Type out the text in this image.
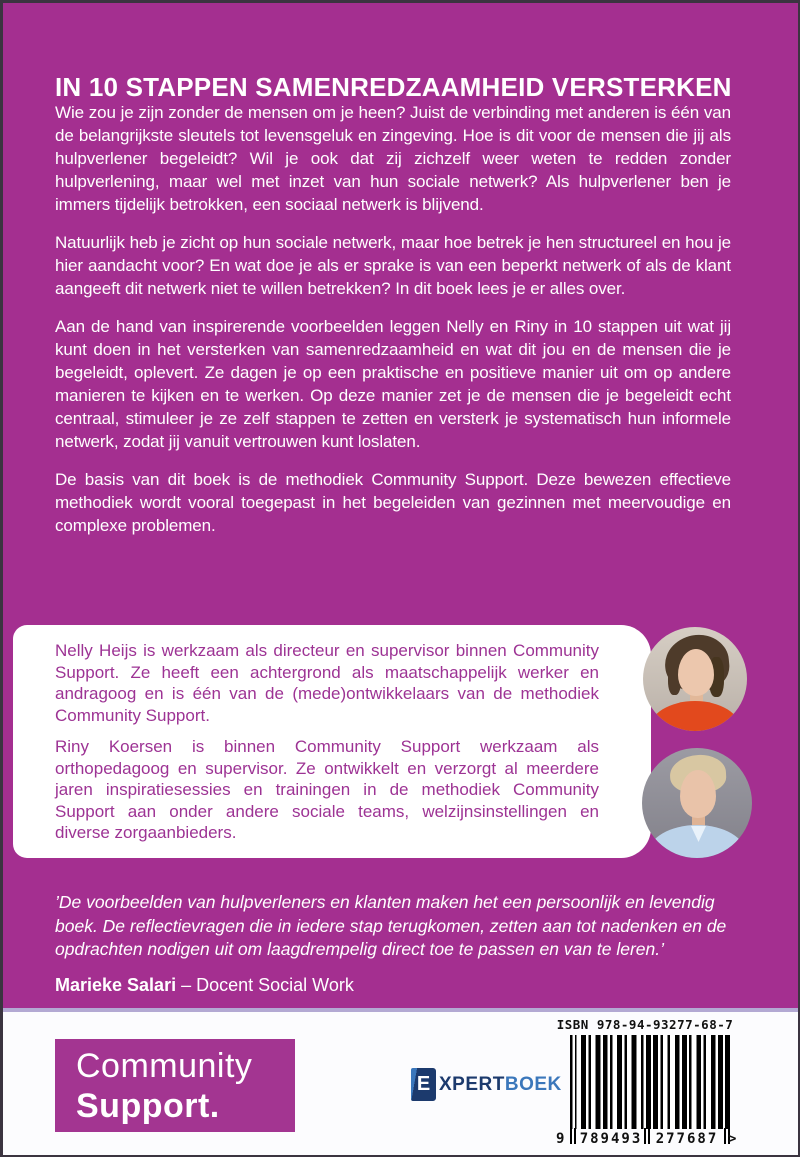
IN 10 STAPPEN SAMENREDZAAMHEID VERSTERKEN

Wie zou je zijn zonder de mensen om je heen? Juist de verbinding met anderen is één van de belangrijkste sleutels tot levensgeluk en zingeving. Hoe is dit voor de mensen die jij als hulpverlener begeleidt? Wil je ook dat zij zichzelf weer weten te redden zonder hulpverlening, maar wel met inzet van hun sociale netwerk? Als hulpverlener ben je immers tijdelijk betrokken, een sociaal netwerk is blijvend.

Natuurlijk heb je zicht op hun sociale netwerk, maar hoe betrek je hen structureel en hou je hier aandacht voor? En wat doe je als er sprake is van een beperkt netwerk of als de klant aangeeft dit netwerk niet te willen betrekken? In dit boek lees je er alles over.

Aan de hand van inspirerende voorbeelden leggen Nelly en Riny in 10 stappen uit wat jij kunt doen in het versterken van samenredzaamheid en wat dit jou en de mensen die je begeleidt, oplevert. Ze dagen je op een praktische en positieve manier uit om op andere manieren te kijken en te werken. Op deze manier zet je de mensen die je begeleidt echt centraal, stimuleer je ze zelf stappen te zetten en versterk je systematisch hun informele netwerk, zodat jij vanuit vertrouwen kunt loslaten.

De basis van dit boek is de methodiek Community Support. Deze bewezen effectieve methodiek wordt vooral toegepast in het begeleiden van gezinnen met meervoudige en complexe problemen.

Nelly Heijs is werkzaam als directeur en supervisor binnen Community Support. Ze heeft een achtergrond als maatschappelijk werker en andragoog en is één van de (mede)ontwikkelaars van de methodiek Community Support.

Riny Koersen is binnen Community Support werkzaam als orthopedagoog en supervisor. Ze ontwikkelt en verzorgt al meerdere jaren inspiratiesessies en trainingen in de methodiek Community Support aan onder andere sociale teams, welzijnsinstellingen en diverse zorgaanbieders.

’De voorbeelden van hulpverleners en klanten maken het een persoonlijk en levendig boek. De reflectievragen die in iedere stap terugkomen, zetten aan tot nadenken en de opdrachten nodigen uit om laagdrempelig direct toe te passen en van te leren.’

Marieke Salari – Docent Social Work
Community
Support.
E XPERT BOEK
ISBN 978-94-93277-68-7
9 789493 277687 >
